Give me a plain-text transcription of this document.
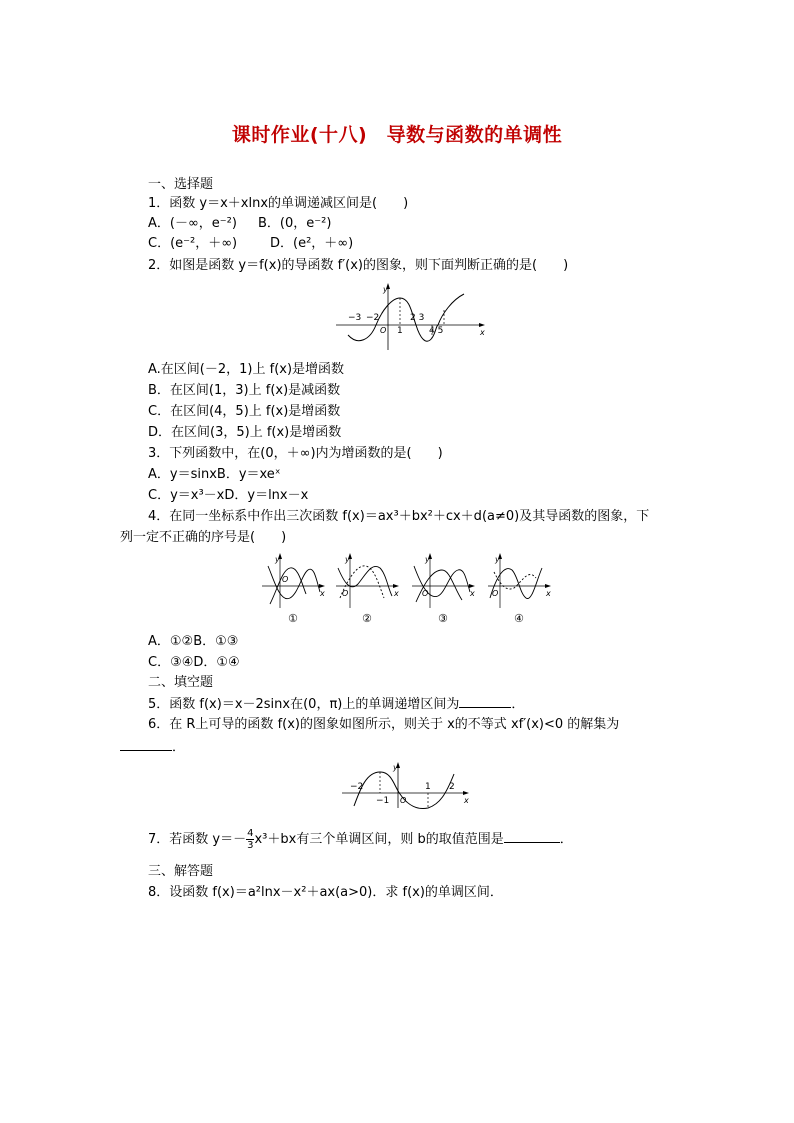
课时作业(十八)　导数与函数的单调性
一、选择题
1．函数 y＝x＋xlnx的单调递减区间是(　　)
A．(－∞，e⁻²) B．(0，e⁻²)
C．(e⁻²，＋∞)	D．(e²，＋∞)
2．如图是函数 y＝f(x)的导函数 f′(x)的图象，则下面判断正确的是(　　)
y
x
O
−3 −2
1
2 3
4 5
A.在区间(－2，1)上 f(x)是增函数
B．在区间(1，3)上 f(x)是减函数
C．在区间(4，5)上 f(x)是增函数
D．在区间(3，5)上 f(x)是增函数
3．下列函数中，在(0，＋∞)内为增函数的是(　　)
A．y＝sinxB．y＝xeˣ
C．y＝x³－xD．y＝lnx－x
4．在同一坐标系中作出三次函数 f(x)＝ax³＋bx²＋cx＋d(a≠0)及其导函数的图象，下
列一定不正确的序号是(　　)
y
x
O
①
y
x
O
②
y
x
O
③
y
x
O
④
A．①②B．①③
C．③④D．①④
二、填空题
5．函数 f(x)＝x－2sinx在(0，π)上的单调递增区间为	．
6．在 R上可导的函数 f(x)的图象如图所示，则关于 x的不等式 xf′(x)<0 的解集为
．
y
x
O
−2
−1
1 2
7．若函数 $y=- \frac{4}{3} x^3+bx$有三个单调区间，则 b的取值范围是	．
三、解答题
8．设函数 f(x)＝a²lnx－x²＋ax(a>0)．求 f(x)的单调区间．
